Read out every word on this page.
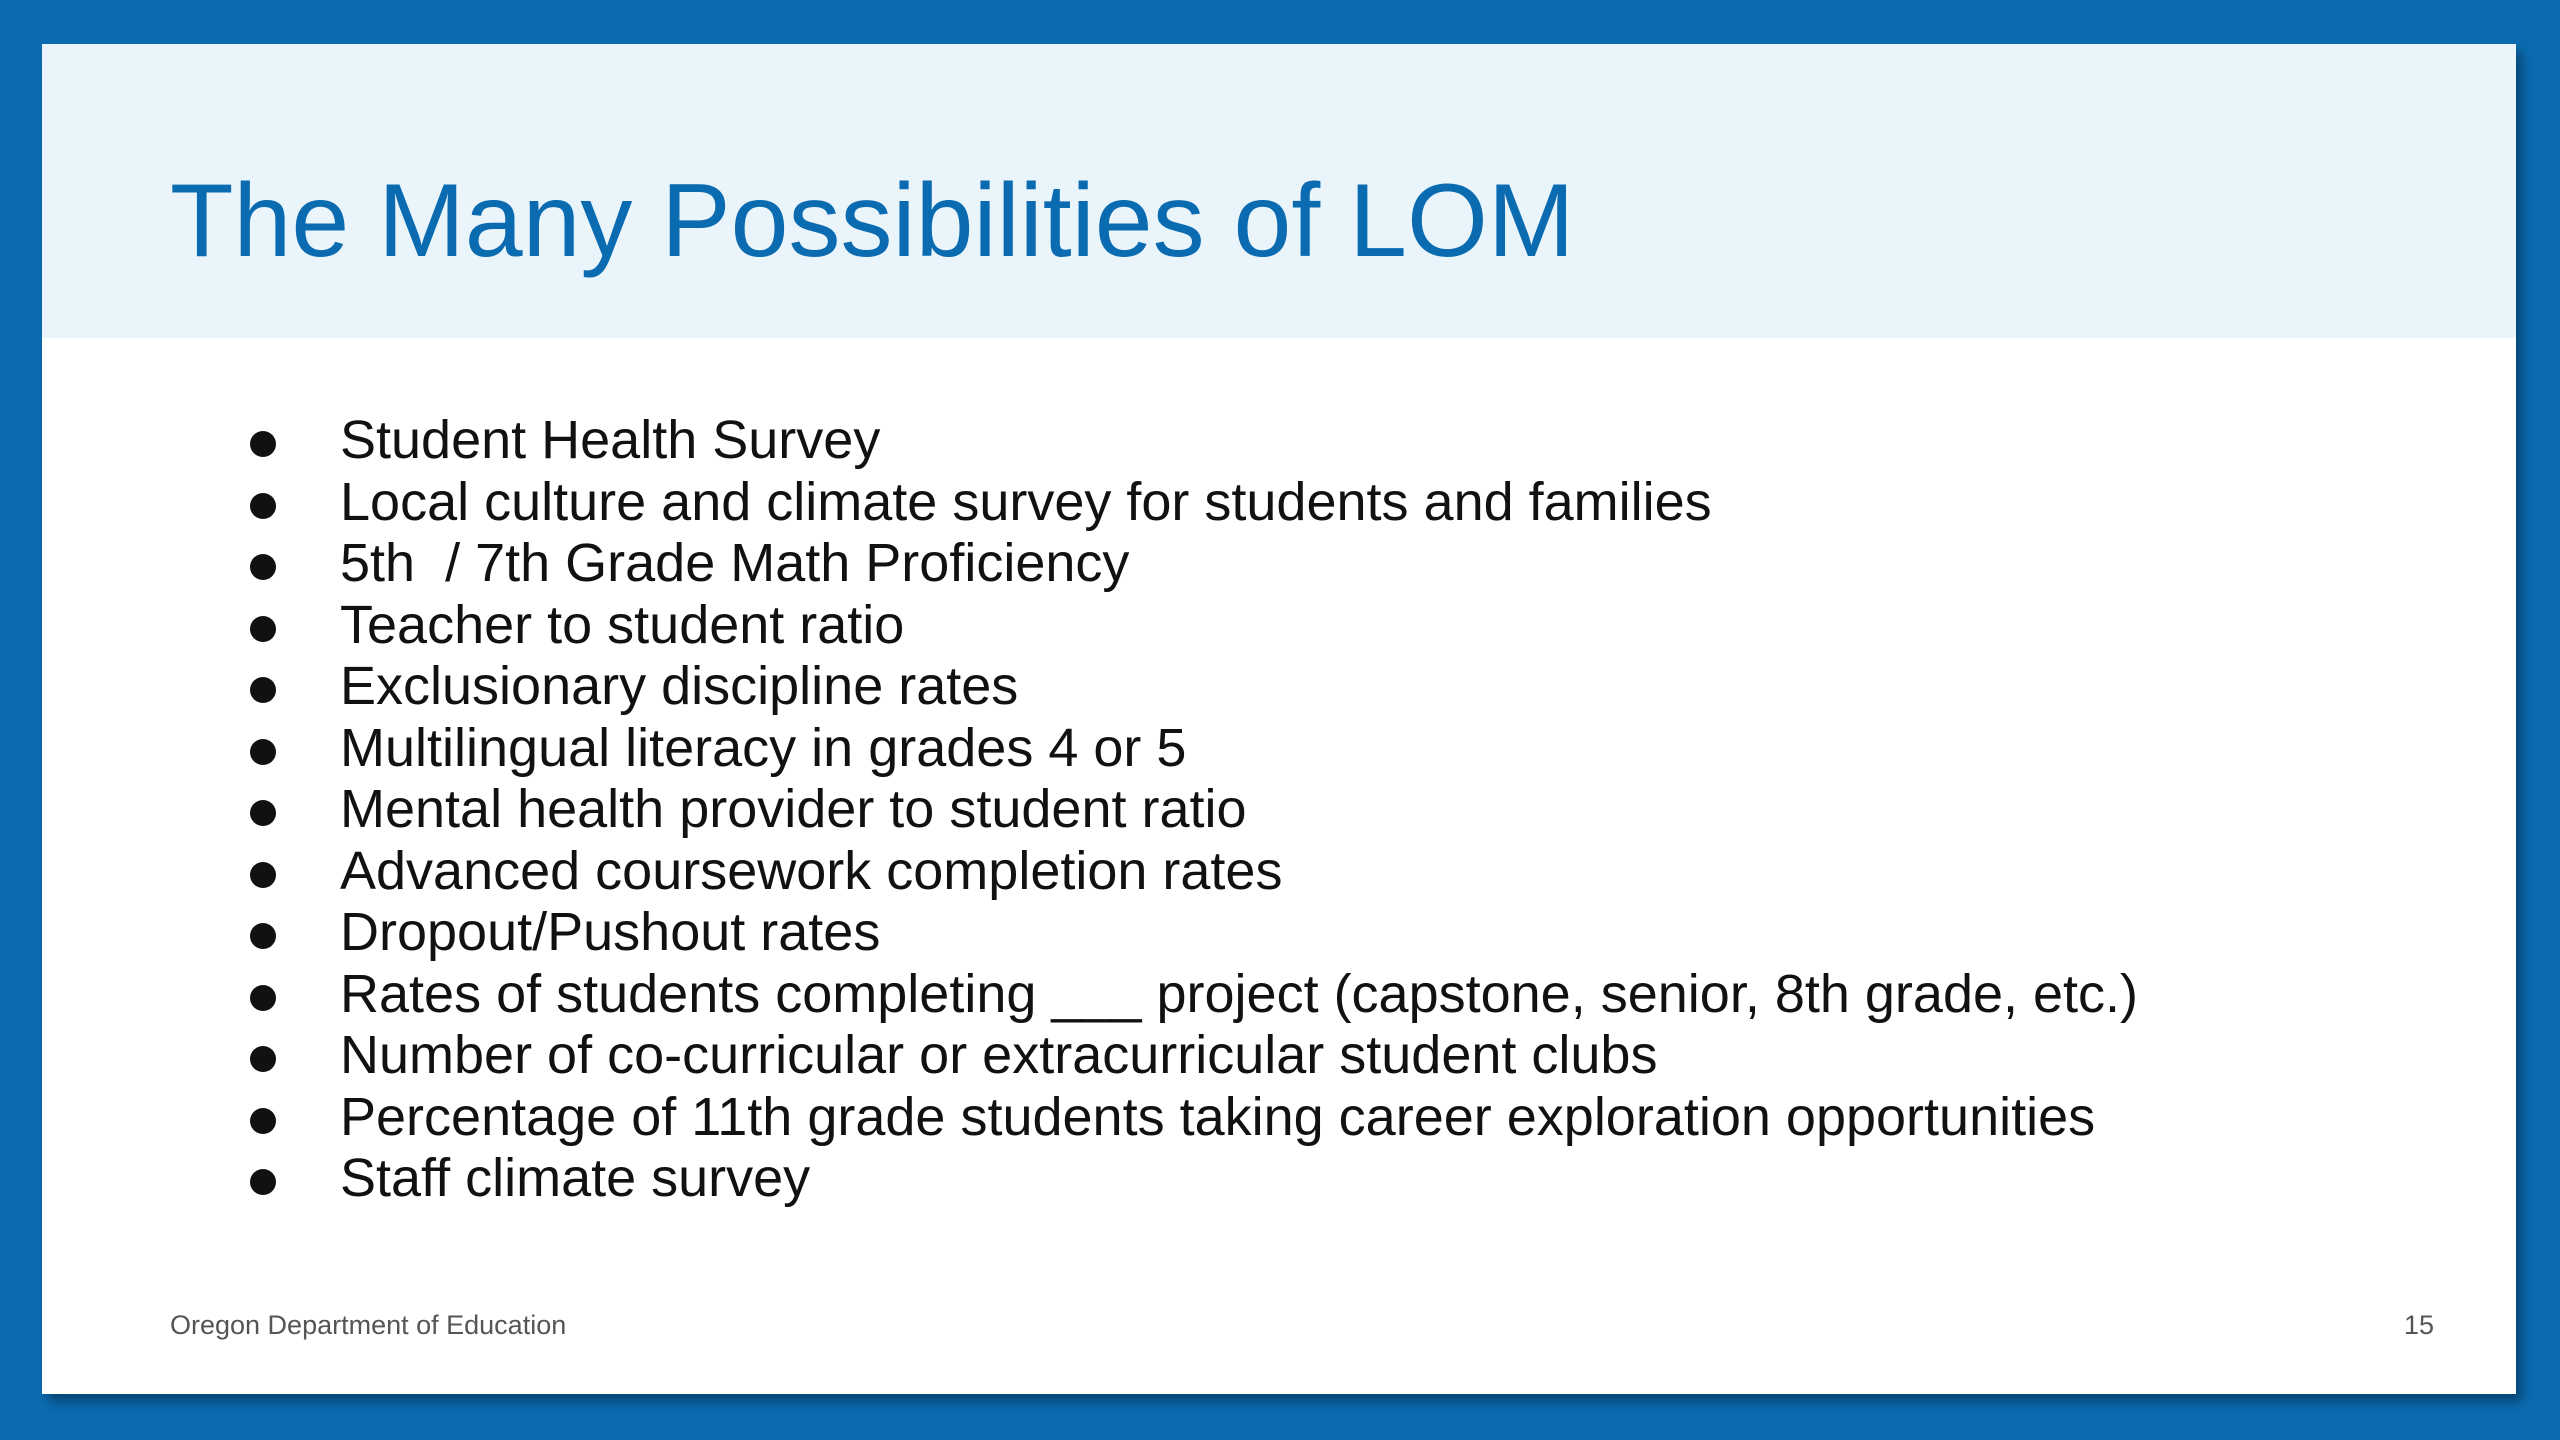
The Many Possibilities of LOM
Student Health Survey
Local culture and climate survey for students and families
5th  / 7th Grade Math Proficiency
Teacher to student ratio
Exclusionary discipline rates
Multilingual literacy in grades 4 or 5
Mental health provider to student ratio
Advanced coursework completion rates
Dropout/Pushout rates
Rates of students completing ___ project (capstone, senior, 8th grade, etc.)
Number of co-curricular or extracurricular student clubs
Percentage of 11th grade students taking career exploration opportunities
Staff climate survey
Oregon Department of Education	15
